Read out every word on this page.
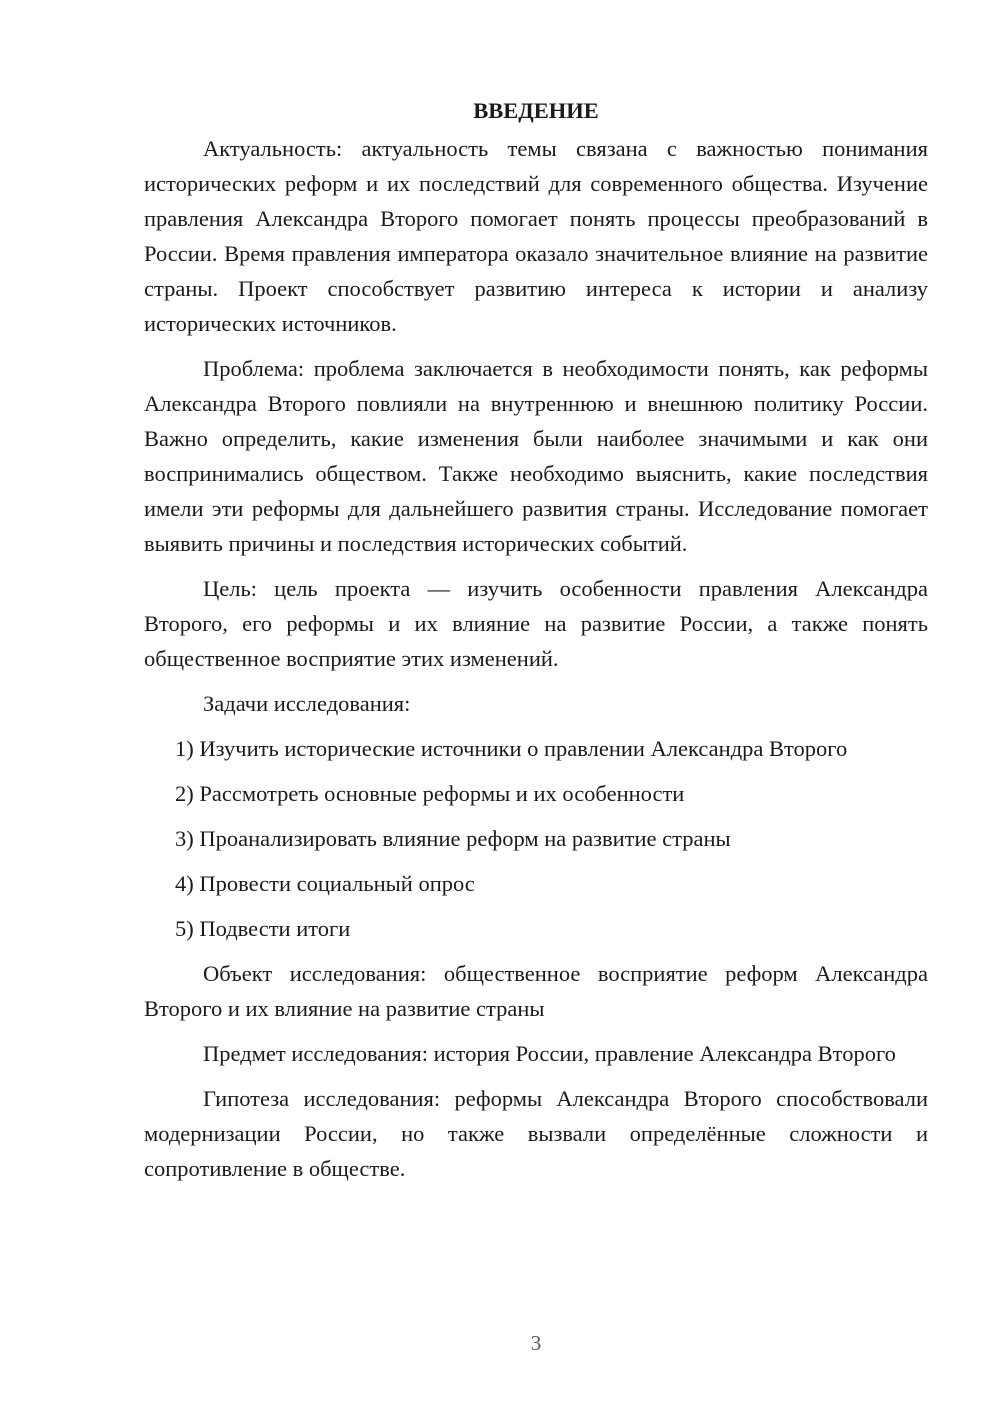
ВВЕДЕНИЕ

Актуальность: актуальность темы связана с важностью понимания исторических реформ и их последствий для современного общества. Изучение правления Александра Второго помогает понять процессы преобразований в России. Время правления императора оказало значительное влияние на развитие страны. Проект способствует развитию интереса к истории и анализу исторических источников.

Проблема: проблема заключается в необходимости понять, как реформы Александра Второго повлияли на внутреннюю и внешнюю политику России. Важно определить, какие изменения были наиболее значимыми и как они воспринимались обществом. Также необходимо выяснить, какие последствия имели эти реформы для дальнейшего развития страны. Исследование помогает выявить причины и последствия исторических событий.

Цель: цель проекта — изучить особенности правления Александра Второго, его реформы и их влияние на развитие России, а также понять общественное восприятие этих изменений.

Задачи исследования:

1) Изучить исторические источники о правлении Александра Второго
2) Рассмотреть основные реформы и их особенности
3) Проанализировать влияние реформ на развитие страны
4) Провести социальный опрос
5) Подвести итоги

Объект исследования: общественное восприятие реформ Александра Второго и их влияние на развитие страны

Предмет исследования: история России, правление Александра Второго

Гипотеза исследования: реформы Александра Второго способствовали модернизации России, но также вызвали определённые сложности и сопротивление в обществе.

3
